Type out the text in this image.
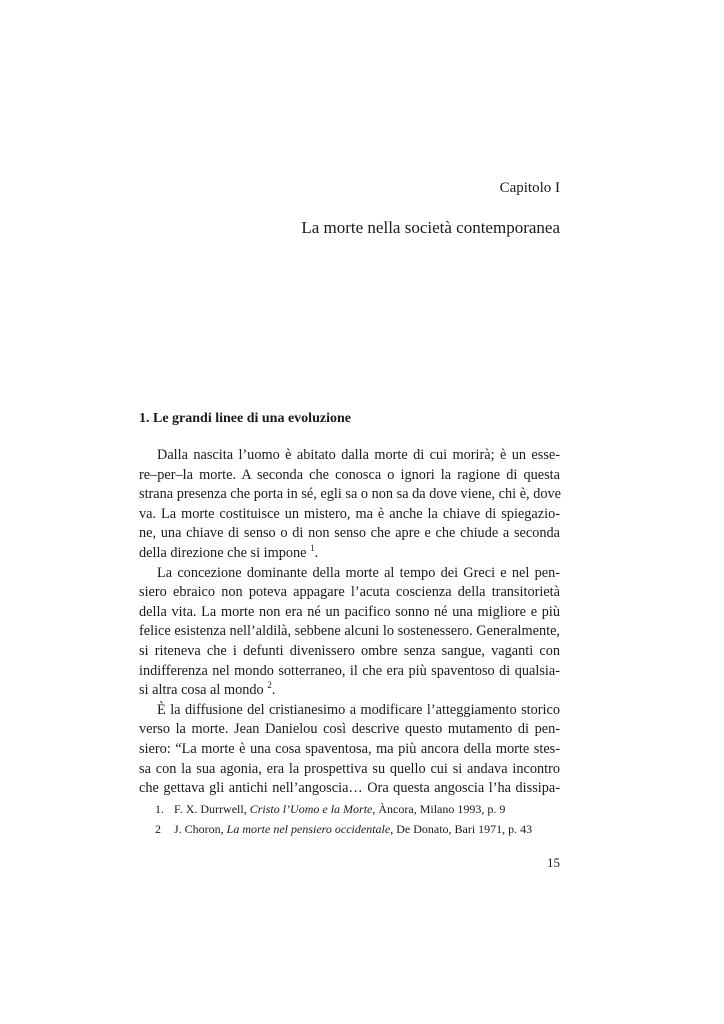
Capitolo I
La morte nella società contemporanea
1. Le grandi linee di una evoluzione
Dalla nascita l’uomo è abitato dalla morte di cui morirà; è un esse-
re–per–la morte. A seconda che conosca o ignori la ragione di questa
strana presenza che porta in sé, egli sa o non sa da dove viene, chi è, dove
va. La morte costituisce un mistero, ma è anche la chiave di spiegazio-
ne, una chiave di senso o di non senso che apre e che chiude a seconda
della direzione che si impone $^1$.
La concezione dominante della morte al tempo dei Greci e nel pen-
siero ebraico non poteva appagare l’acuta coscienza della transitorietà
della vita. La morte non era né un pacifico sonno né una migliore e più
felice esistenza nell’aldilà, sebbene alcuni lo sostenessero. Generalmente,
si riteneva che i defunti divenissero ombre senza sangue, vaganti con
indifferenza nel mondo sotterraneo, il che era più spaventoso di qualsia-
si altra cosa al mondo $^2$.
È la diffusione del cristianesimo a modificare l’atteggiamento storico
verso la morte. Jean Danielou così descrive questo mutamento di pen-
siero: “La morte è una cosa spaventosa, ma più ancora della morte stes-
sa con la sua agonia, era la prospettiva su quello cui si andava incontro
che gettava gli antichi nell’angoscia… Ora questa angoscia l’ha dissipa-
1. F. X. Durrwell, Cristo l’Uomo e la Morte, Àncora, Milano 1993, p. 9
2 J. Choron, La morte nel pensiero occidentale, De Donato, Bari 1971, p. 43
15
